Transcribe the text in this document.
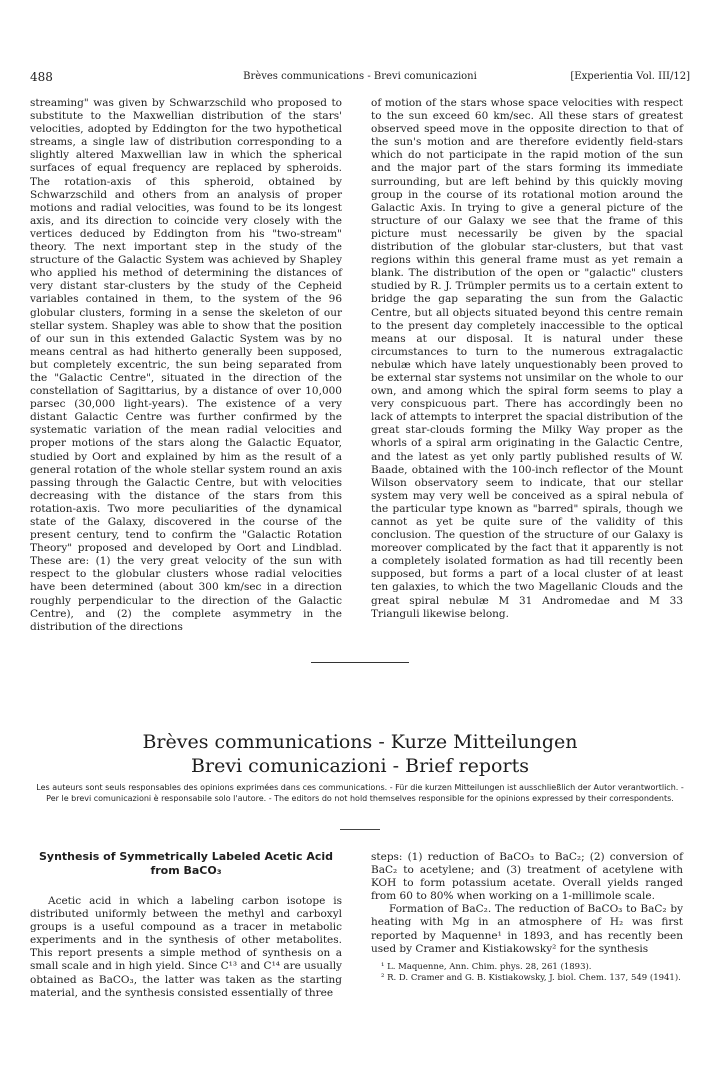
488	Brèves communications - Brevi comunicazioni	[Experientia Vol. III/12]

streaming" was given by Schwarzschild who proposed to substitute to the Maxwellian distribution of the stars' velocities, adopted by Eddington for the two hypothetical streams, a single law of distribution corresponding to a slightly altered Maxwellian law in which the spherical surfaces of equal frequency are replaced by spheroids. The rotation-axis of this spheroid, obtained by Schwarzschild and others from an analysis of proper motions and radial velocities, was found to be its longest axis, and its direction to coincide very closely with the vertices deduced by Eddington from his "two-stream" theory. The next important step in the study of the structure of the Galactic System was achieved by Shapley who applied his method of determining the distances of very distant star-clusters by the study of the Cepheid variables contained in them, to the system of the 96 globular clusters, forming in a sense the skeleton of our stellar system. Shapley was able to show that the position of our sun in this extended Galactic System was by no means central as had hitherto generally been supposed, but completely excentric, the sun being separated from the "Galactic Centre", situated in the direction of the constellation of Sagittarius, by a distance of over 10,000 parsec (30,000 light-years). The existence of a very distant Galactic Centre was further confirmed by the systematic variation of the mean radial velocities and proper motions of the stars along the Galactic Equator, studied by Oort and explained by him as the result of a general rotation of the whole stellar system round an axis passing through the Galactic Centre, but with velocities decreasing with the distance of the stars from this rotation-axis. Two more peculiarities of the dynamical state of the Galaxy, discovered in the course of the present century, tend to confirm the "Galactic Rotation Theory" proposed and developed by Oort and Lindblad. These are: (1) the very great velocity of the sun with respect to the globular clusters whose radial velocities have been determined (about 300 km/sec in a direction roughly perpendicular to the direction of the Galactic Centre), and (2) the complete asymmetry in the distribution of the directions

of motion of the stars whose space velocities with respect to the sun exceed 60 km/sec. All these stars of greatest observed speed move in the opposite direction to that of the sun's motion and are therefore evidently field-stars which do not participate in the rapid motion of the sun and the major part of the stars forming its immediate surrounding, but are left behind by this quickly moving group in the course of its rotational motion around the Galactic Axis. In trying to give a general picture of the structure of our Galaxy we see that the frame of this picture must necessarily be given by the spacial distribution of the globular star-clusters, but that vast regions within this general frame must as yet remain a blank. The distribution of the open or "galactic" clusters studied by R. J. Trümpler permits us to a certain extent to bridge the gap separating the sun from the Galactic Centre, but all objects situated beyond this centre remain to the present day completely inaccessible to the optical means at our disposal. It is natural under these circumstances to turn to the numerous extragalactic nebulæ which have lately unquestionably been proved to be external star systems not unsimilar on the whole to our own, and among which the spiral form seems to play a very conspicuous part. There has accordingly been no lack of attempts to interpret the spacial distribution of the great star-clouds forming the Milky Way proper as the whorls of a spiral arm originating in the Galactic Centre, and the latest as yet only partly published results of W. Baade, obtained with the 100-inch reflector of the Mount Wilson observatory seem to indicate, that our stellar system may very well be conceived as a spiral nebula of the particular type known as "barred" spirals, though we cannot as yet be quite sure of the validity of this conclusion. The question of the structure of our Galaxy is moreover complicated by the fact that it apparently is not a completely isolated formation as had till recently been supposed, but forms a part of a local cluster of at least ten galaxies, to which the two Magellanic Clouds and the great spiral nebulæ M 31 Andromedae and M 33 Trianguli likewise belong.

Brèves communications - Kurze Mitteilungen
Brevi comunicazioni - Brief reports
Les auteurs sont seuls responsables des opinions exprimées dans ces communications. - Für die kurzen Mitteilungen ist ausschließlich der Autor verantwortlich. - Per le brevi comunicazioni è responsabile solo l'autore. - The editors do not hold themselves responsible for the opinions expressed by their correspondents.
Synthesis of Symmetrically Labeled Acetic Acid
from BaCO₃
Acetic acid in which a labeling carbon isotope is distributed uniformly between the methyl and carboxyl groups is a useful compound as a tracer in metabolic experiments and in the synthesis of other metabolites. This report presents a simple method of synthesis on a small scale and in high yield. Since C¹³ and C¹⁴ are usually obtained as BaCO₃, the latter was taken as the starting material, and the synthesis consisted essentially of three

steps: (1) reduction of BaCO₃ to BaC₂; (2) conversion of BaC₂ to acetylene; and (3) treatment of acetylene with KOH to form potassium acetate. Overall yields ranged from 60 to 80% when working on a 1-millimole scale.

Formation of BaC₂. The reduction of BaCO₃ to BaC₂ by heating with Mg in an atmosphere of H₂ was first reported by Maquenne¹ in 1893, and has recently been used by Cramer and Kistiakowsky² for the synthesis

¹ L. Maquenne, Ann. Chim. phys. 28, 261 (1893).
² R. D. Cramer and G. B. Kistiakowsky, J. biol. Chem. 137, 549 (1941).
